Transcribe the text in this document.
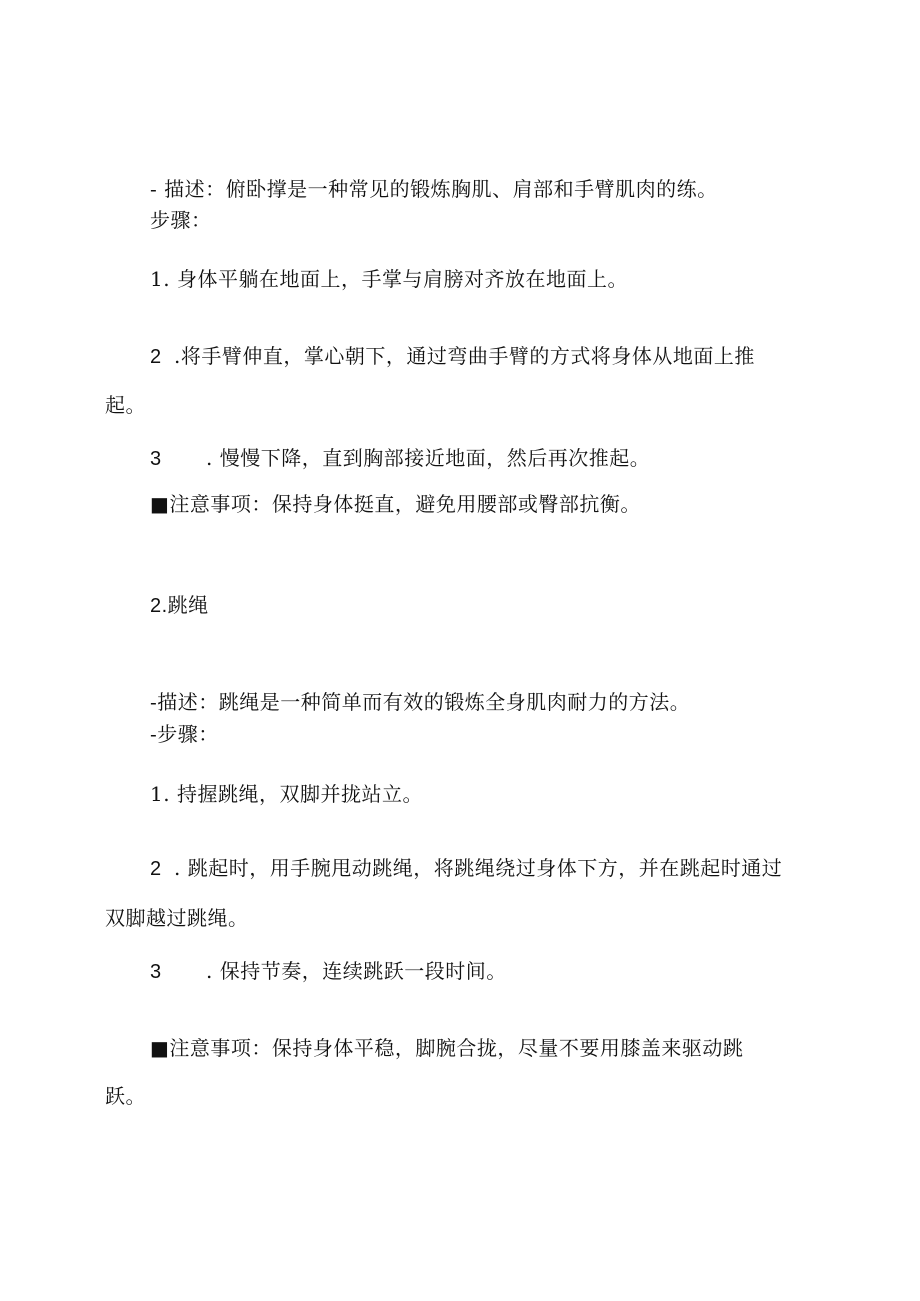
- 描述：俯卧撑是一种常见的锻炼胸肌、肩部和手臂肌肉的练。
步骤：
1. 身体平躺在地面上，手掌与肩膀对齐放在地面上。
2 .将手臂伸直，掌心朝下，通过弯曲手臂的方式将身体从地面上推
起。
3 . 慢慢下降，直到胸部接近地面，然后再次推起。
■注意事项：保持身体挺直，避免用腰部或臀部抗衡。
2.跳绳
-描述：跳绳是一种简单而有效的锻炼全身肌肉耐力的方法。
-步骤：
1. 持握跳绳，双脚并拢站立。
2 . 跳起时，用手腕甩动跳绳，将跳绳绕过身体下方，并在跳起时通过
双脚越过跳绳。
3 . 保持节奏，连续跳跃一段时间。
■注意事项：保持身体平稳，脚腕合拢，尽量不要用膝盖来驱动跳
跃。
